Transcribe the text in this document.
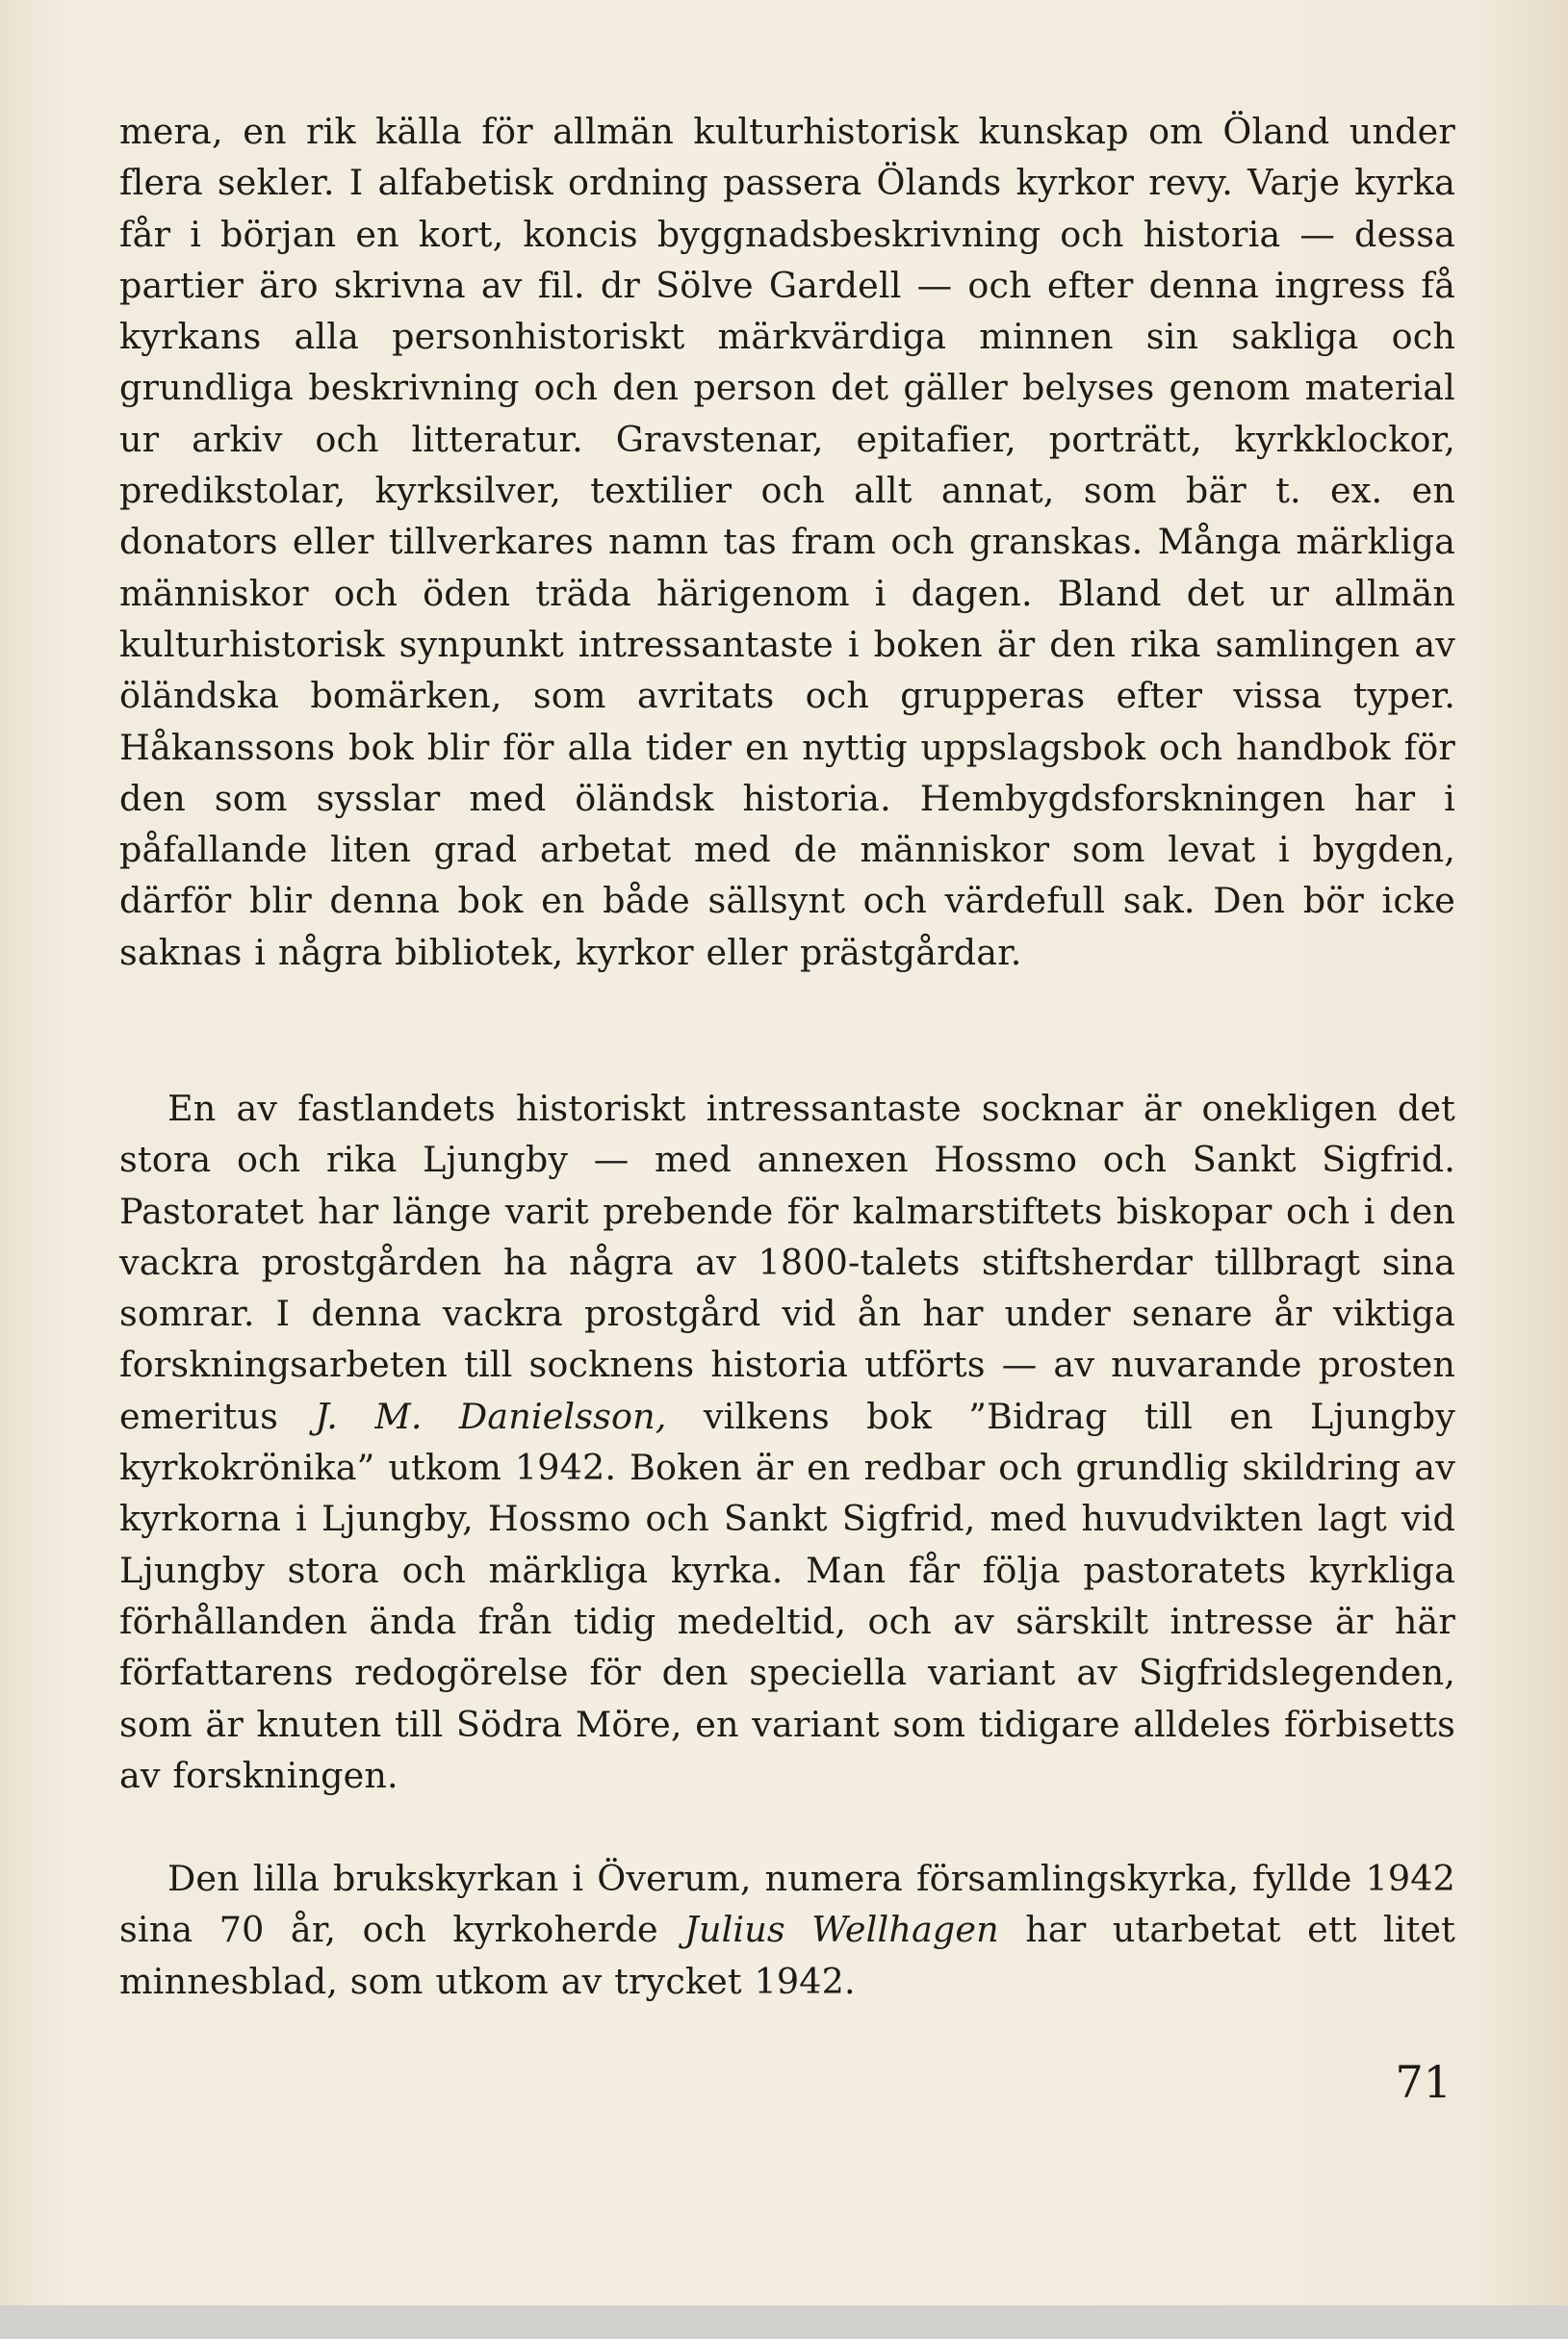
mera, en rik källa för allmän kulturhistorisk kunskap om Öland under flera sekler. I alfabetisk ordning passera Ölands kyrkor revy. Varje kyrka får i början en kort, koncis byggnadsbeskrivning och historia — dessa partier äro skrivna av fil. dr Sölve Gardell — och efter denna ingress få kyrkans alla personhistoriskt märkvärdiga minnen sin sakliga och grundliga beskrivning och den person det gäller belyses genom material ur arkiv och litteratur. Gravstenar, epitafier, porträtt, kyrkklockor, predikstolar, kyrksilver, textilier och allt annat, som bär t. ex. en donators eller tillverkares namn tas fram och granskas. Många märkliga människor och öden träda härigenom i dagen. Bland det ur allmän kulturhistorisk synpunkt intressantaste i boken är den rika samlingen av öländska bomärken, som avritats och grupperas efter vissa typer. Håkanssons bok blir för alla tider en nyttig uppslagsbok och handbok för den som sysslar med öländsk historia. Hembygdsforskningen har i påfallande liten grad arbetat med de människor som levat i bygden, därför blir denna bok en både sällsynt och värdefull sak. Den bör icke saknas i några bibliotek, kyrkor eller prästgårdar.

En av fastlandets historiskt intressantaste socknar är onekligen det stora och rika Ljungby — med annexen Hossmo och Sankt Sigfrid. Pastoratet har länge varit prebende för kalmarstiftets biskopar och i den vackra prostgården ha några av 1800-talets stiftsherdar tillbragt sina somrar. I denna vackra prostgård vid ån har under senare år viktiga forskningsarbeten till socknens historia utförts — av nuvarande prosten emeritus J. M. Danielsson, vilkens bok ”Bidrag till en Ljungby kyrkokrönika” utkom 1942. Boken är en redbar och grundlig skildring av kyrkorna i Ljungby, Hossmo och Sankt Sigfrid, med huvudvikten lagt vid Ljungby stora och märkliga kyrka. Man får följa pastoratets kyrkliga förhållanden ända från tidig medeltid, och av särskilt intresse är här författarens redogörelse för den speciella variant av Sigfridslegenden, som är knuten till Södra Möre, en variant som tidigare alldeles förbisetts av forskningen.

Den lilla brukskyrkan i Överum, numera församlingskyrka, fyllde 1942 sina 70 år, och kyrkoherde Julius Wellhagen har utarbetat ett litet minnesblad, som utkom av trycket 1942.

71
